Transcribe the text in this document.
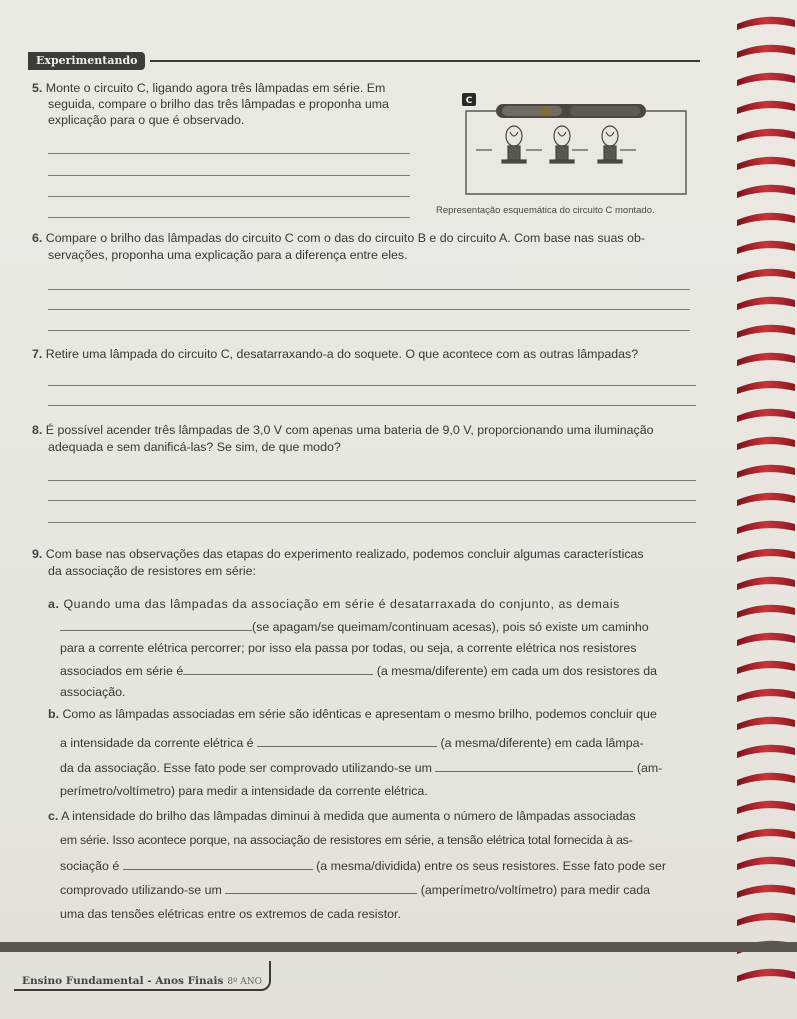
Experimentando
5. Monte o circuito C, ligando agora três lâmpadas em série. Em
seguida, compare o brilho das três lâmpadas e proponha uma
explicação para o que é observado.
C
Representação esquemática do circuito C montado.
6. Compare o brilho das lâmpadas do circuito C com o das do circuito B e do circuito A. Com base nas suas ob-
servações, proponha uma explicação para a diferença entre eles.
7. Retire uma lâmpada do circuito C, desatarraxando-a do soquete. O que acontece com as outras lâmpadas?
8. É possível acender três lâmpadas de 3,0 V com apenas uma bateria de 9,0 V, proporcionando uma iluminação
adequada e sem danificá-las? Se sim, de que modo?
9. Com base nas observações das etapas do experimento realizado, podemos concluir algumas características
da associação de resistores em série:
a. Quando uma das lâmpadas da associação em série é desatarraxada do conjunto, as demais
(se apagam/se queimam/continuam acesas), pois só existe um caminho
para a corrente elétrica percorrer; por isso ela passa por todas, ou seja, a corrente elétrica nos resistores
associados em série é	(a mesma/diferente) em cada um dos resistores da
associação.
b. Como as lâmpadas associadas em série são idênticas e apresentam o mesmo brilho, podemos concluir que
a intensidade da corrente elétrica é	(a mesma/diferente) em cada lâmpa-
da da associação. Esse fato pode ser comprovado utilizando-se um	(am-
perímetro/voltímetro) para medir a intensidade da corrente elétrica.
c. A intensidade do brilho das lâmpadas diminui à medida que aumenta o número de lâmpadas associadas
em série. Isso acontece porque, na associação de resistores em série, a tensão elétrica total fornecida à as-
sociação é	(a mesma/dividida) entre os seus resistores. Esse fato pode ser
comprovado utilizando-se um	(amperímetro/voltímetro) para medir cada
uma das tensões elétricas entre os extremos de cada resistor.
Ensino Fundamental - Anos Finais 8º ANO
